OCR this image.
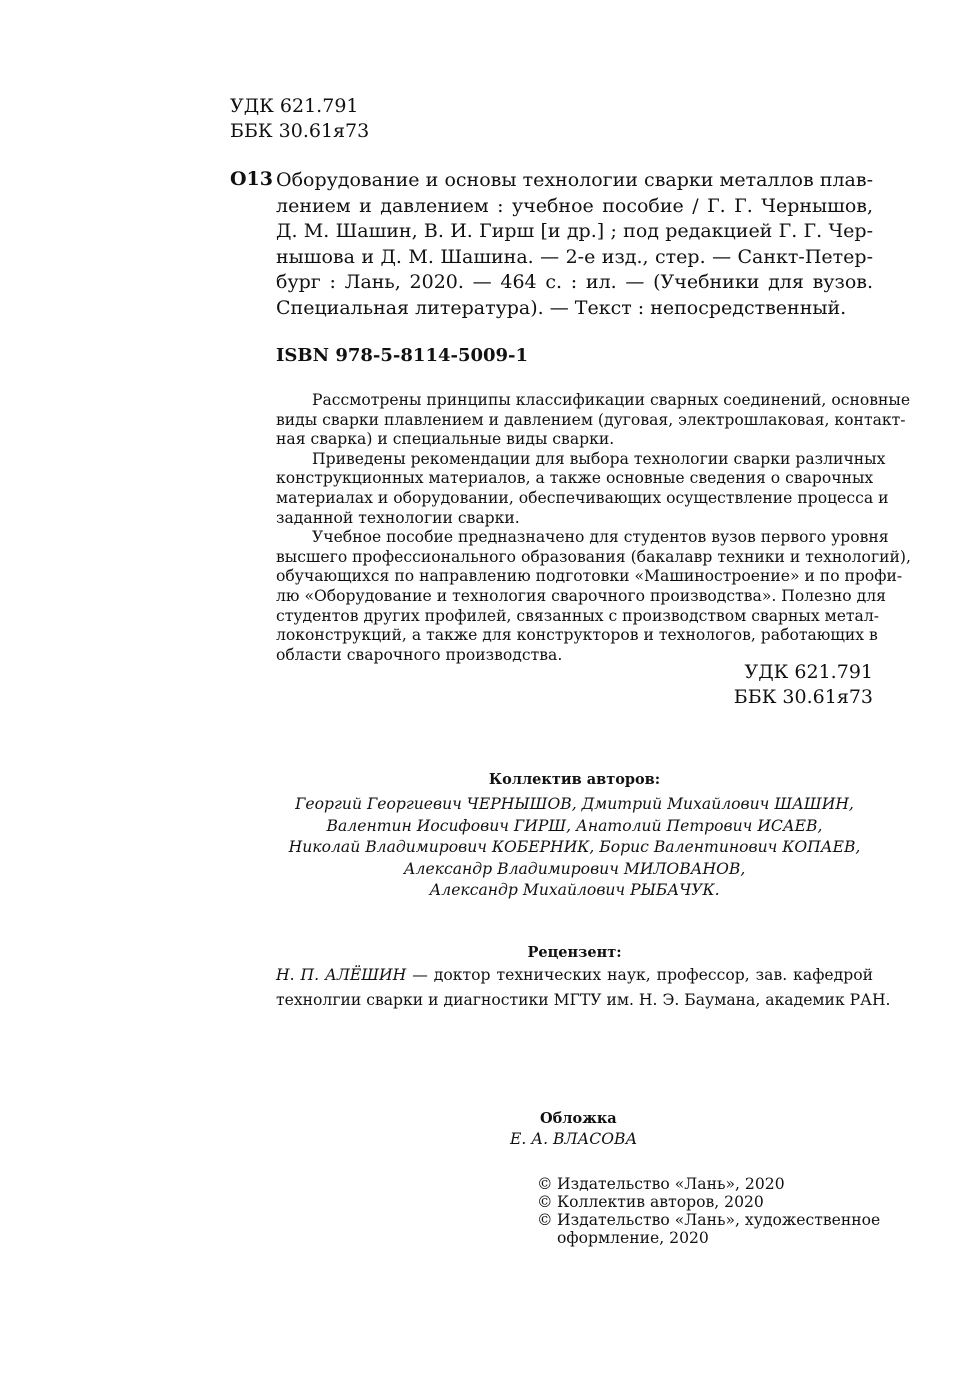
УДК 621.791
ББК 30.61я73
О13 Оборудование и основы технологии сварки металлов плав-
лением и давлением : учебное пособие / Г. Г. Чернышов,
Д. М. Шашин, В. И. Гирш [и др.] ; под редакцией Г. Г. Чер-
нышова и Д. М. Шашина. — 2-е изд., стер. — Санкт-Петер-
бург : Лань, 2020. — 464 с. : ил. — (Учебники для вузов.
Специальная литература). — Текст : непосредственный.
ISBN 978-5-8114-5009-1
Рассмотрены принципы классификации сварных соединений, основные
виды сварки плавлением и давлением (дуговая, электрошлаковая, контакт-
ная сварка) и специальные виды сварки.
Приведены рекомендации для выбора технологии сварки различных
конструкционных материалов, а также основные сведения о сварочных
материалах и оборудовании, обеспечивающих осуществление процесса и
заданной технологии сварки.
Учебное пособие предназначено для студентов вузов первого уровня
высшего профессионального образования (бакалавр техники и технологий),
обучающихся по направлению подготовки «Машиностроение» и по профи-
лю «Оборудование и технология сварочного производства». Полезно для
студентов других профилей, связанных с производством сварных метал-
локонструкций, а также для конструкторов и технологов, работающих в
области сварочного производства.
УДК 621.791
ББК 30.61я73
Коллектив авторов:
Георгий Георгиевич ЧЕРНЫШОВ, Дмитрий Михайлович ШАШИН,
Валентин Иосифович ГИРШ, Анатолий Петрович ИСАЕВ,
Николай Владимирович КОБЕРНИК, Борис Валентинович КОПАЕВ,
Александр Владимирович МИЛОВАНОВ,
Александр Михайлович РЫБАЧУК.
Рецензент:
Н. П. АЛЁШИН — доктор технических наук, профессор, зав. кафедрой
технолгии сварки и диагностики МГТУ им. Н. Э. Баумана, академик РАН.
Обложка
Е. А. ВЛАСОВА
© Издательство «Лань», 2020
© Коллектив авторов, 2020
© Издательство «Лань», художественное
оформление, 2020
